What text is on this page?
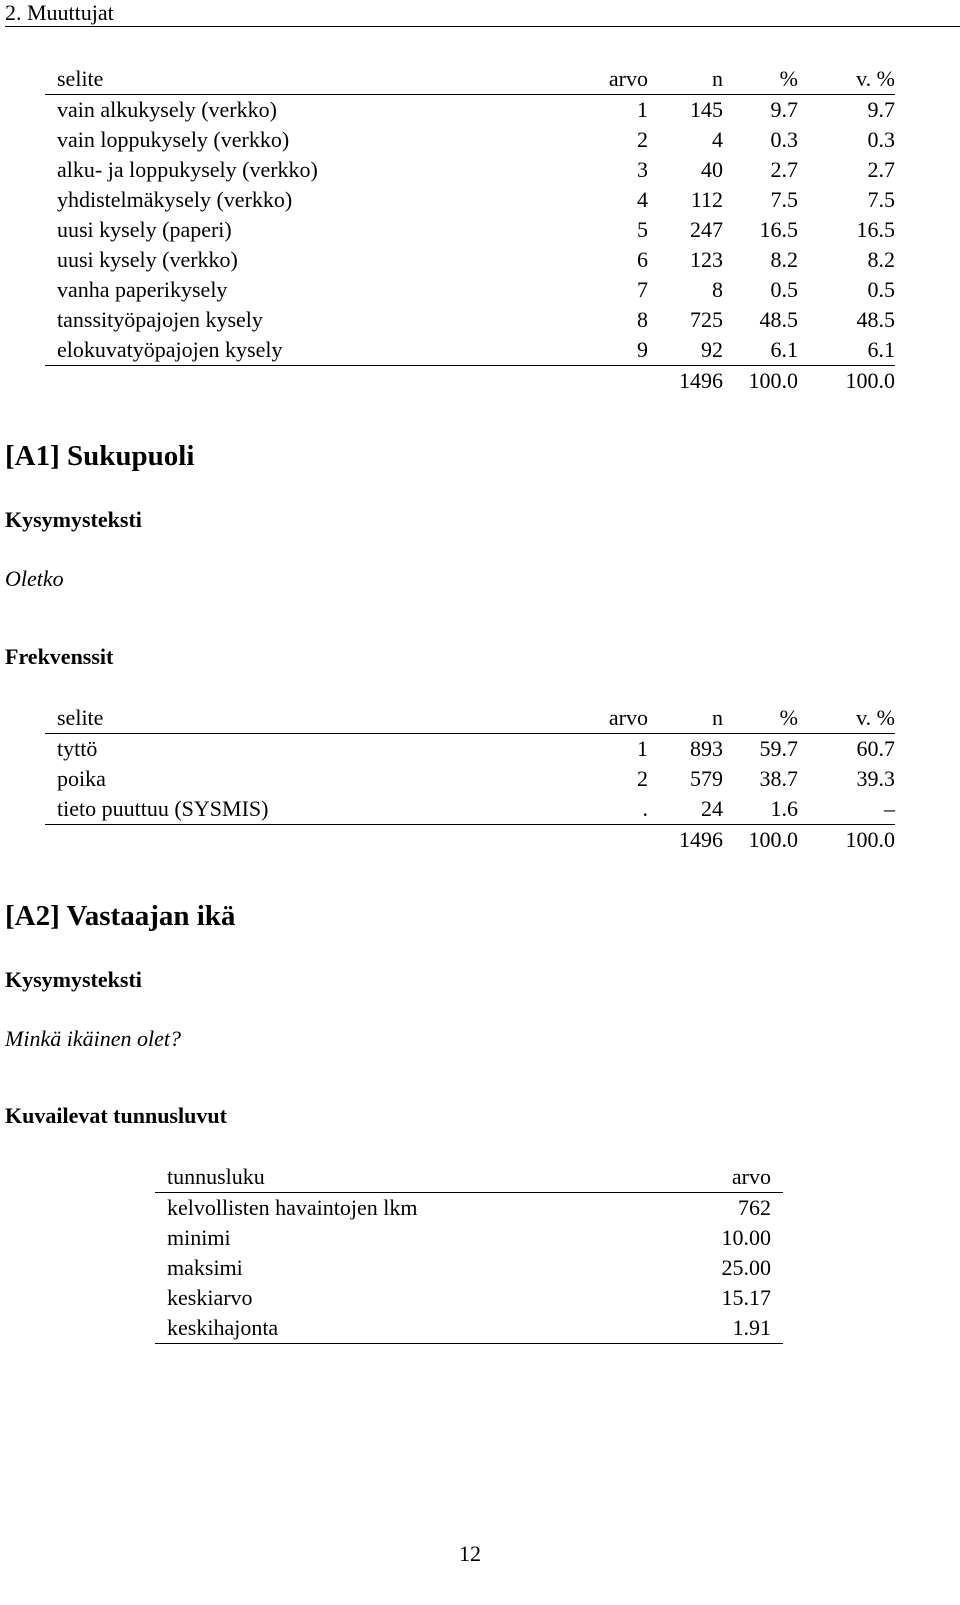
2. Muuttujat
selite	arvo	n	%	v. %
vain alkukysely (verkko)	1	145	9.7	9.7
vain loppukysely (verkko)	2	4	0.3	0.3
alku- ja loppukysely (verkko)	3	40	2.7	2.7
yhdistelmäkysely (verkko)	4	112	7.5	7.5
uusi kysely (paperi)	5	247	16.5	16.5
uusi kysely (verkko)	6	123	8.2	8.2
vanha paperikysely	7	8	0.5	0.5
tanssityöpajojen kysely	8	725	48.5	48.5
elokuvatyöpajojen kysely	9	92	6.1	6.1
		1496	100.0	100.0
[A1] Sukupuoli
Kysymysteksti

Oletko

Frekvenssit
selite	arvo	n	%	v. %
tyttö	1	893	59.7	60.7
poika	2	579	38.7	39.3
tieto puuttuu (SYSMIS)	.	24	1.6	–
		1496	100.0	100.0
[A2] Vastaajan ikä
Kysymysteksti

Minkä ikäinen olet?

Kuvailevat tunnusluvut
tunnusluku	arvo
kelvollisten havaintojen lkm	762
minimi	10.00
maksimi	25.00
keskiarvo	15.17
keskihajonta	1.91
12
